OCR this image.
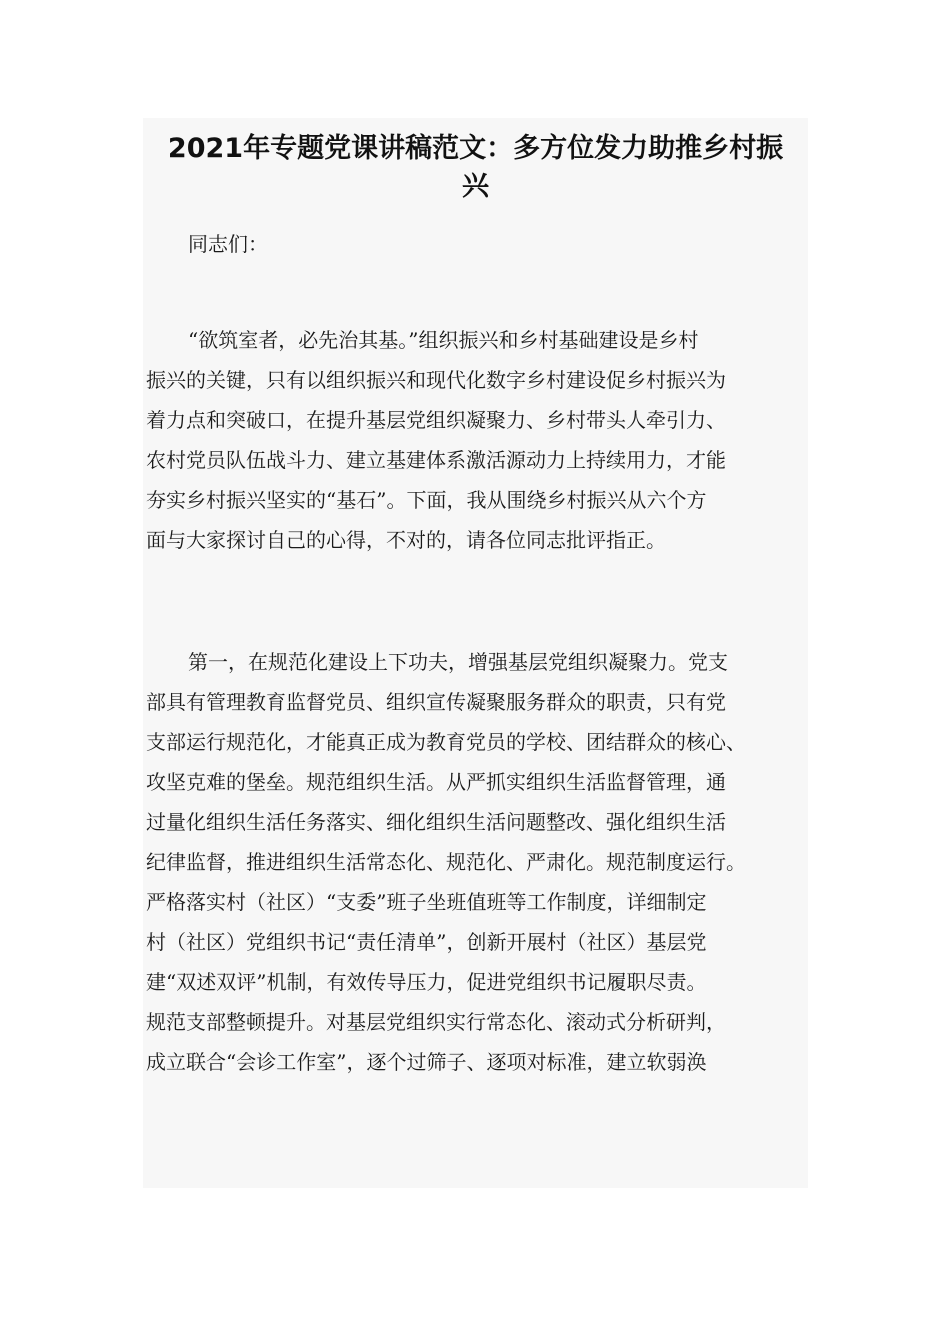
2021年专题党课讲稿范文：多方位发力助推乡村振
兴
同志们：
“欲筑室者，必先治其基。”组织振兴和乡村基础建设是乡村
振兴的关键，只有以组织振兴和现代化数字乡村建设促乡村振兴为
着力点和突破口，在提升基层党组织凝聚力、乡村带头人牵引力、
农村党员队伍战斗力、建立基建体系激活源动力上持续用力，才能
夯实乡村振兴坚实的“基石”。下面，我从围绕乡村振兴从六个方
面与大家探讨自己的心得，不对的，请各位同志批评指正。
第一，在规范化建设上下功夫，增强基层党组织凝聚力。党支
部具有管理教育监督党员、组织宣传凝聚服务群众的职责，只有党
支部运行规范化，才能真正成为教育党员的学校、团结群众的核心、
攻坚克难的堡垒。规范组织生活。从严抓实组织生活监督管理，通
过量化组织生活任务落实、细化组织生活问题整改、强化组织生活
纪律监督，推进组织生活常态化、规范化、严肃化。规范制度运行。
严格落实村（社区）“支委”班子坐班值班等工作制度，详细制定
村（社区）党组织书记“责任清单”，创新开展村（社区）基层党
建“双述双评”机制，有效传导压力，促进党组织书记履职尽责。
规范支部整顿提升。对基层党组织实行常态化、滚动式分析研判，
成立联合“会诊工作室”，逐个过筛子、逐项对标准，建立软弱涣
